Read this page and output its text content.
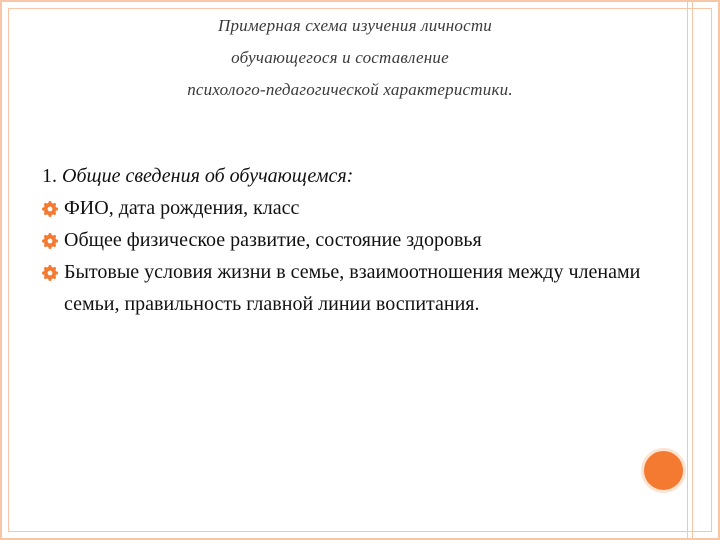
Примерная схема изучения личности
обучающегося и составление
психолого-педагогической характеристики.
1. Общие сведения об обучающемся:
ФИО, дата рождения, класс
Общее физическое развитие, состояние здоровья
Бытовые условия жизни в семье, взаимоотношения между членами семьи, правильность главной линии воспитания.
